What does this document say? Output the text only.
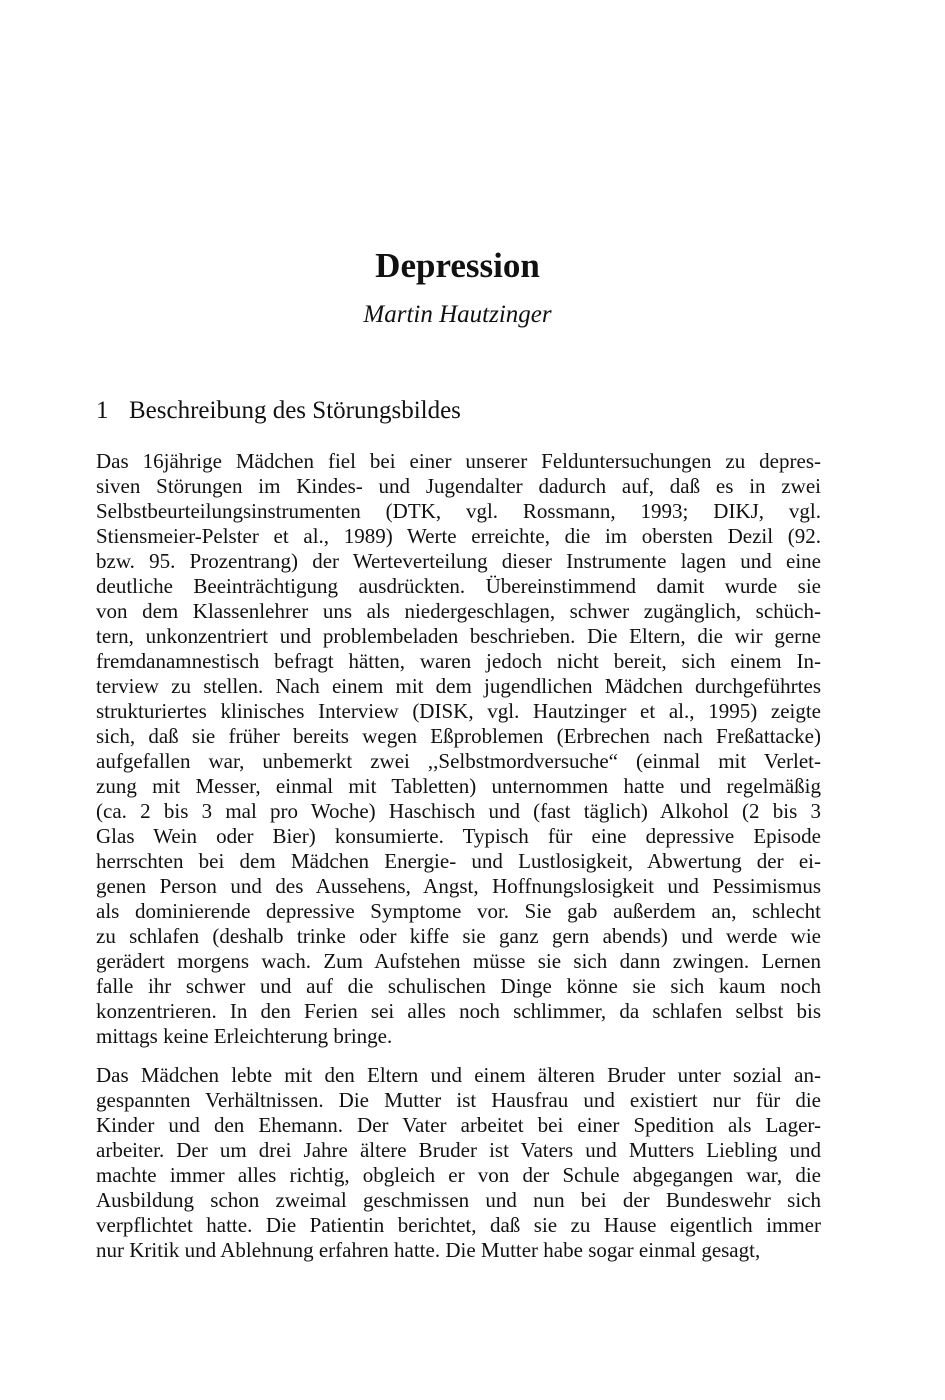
Depression
Martin Hautzinger
1 Beschreibung des Störungsbildes
Das 16jährige Mädchen fiel bei einer unserer Felduntersuchungen zu depres-
siven Störungen im Kindes- und Jugendalter dadurch auf, daß es in zwei
Selbstbeurteilungsinstrumenten (DTK, vgl. Rossmann, 1993; DIKJ, vgl.
Stiensmeier-Pelster et al., 1989) Werte erreichte, die im obersten Dezil (92.
bzw. 95. Prozentrang) der Werteverteilung dieser Instrumente lagen und eine
deutliche Beeinträchtigung ausdrückten. Übereinstimmend damit wurde sie
von dem Klassenlehrer uns als niedergeschlagen, schwer zugänglich, schüch-
tern, unkonzentriert und problembeladen beschrieben. Die Eltern, die wir gerne
fremdanamnestisch befragt hätten, waren jedoch nicht bereit, sich einem In-
terview zu stellen. Nach einem mit dem jugendlichen Mädchen durchgeführtes
strukturiertes klinisches Interview (DISK, vgl. Hautzinger et al., 1995) zeigte
sich, daß sie früher bereits wegen Eßproblemen (Erbrechen nach Freßattacke)
aufgefallen war, unbemerkt zwei ,,Selbstmordversuche“ (einmal mit Verlet-
zung mit Messer, einmal mit Tabletten) unternommen hatte und regelmäßig
(ca. 2 bis 3 mal pro Woche) Haschisch und (fast täglich) Alkohol (2 bis 3
Glas Wein oder Bier) konsumierte. Typisch für eine depressive Episode
herrschten bei dem Mädchen Energie- und Lustlosigkeit, Abwertung der ei-
genen Person und des Aussehens, Angst, Hoffnungslosigkeit und Pessimismus
als dominierende depressive Symptome vor. Sie gab außerdem an, schlecht
zu schlafen (deshalb trinke oder kiffe sie ganz gern abends) und werde wie
gerädert morgens wach. Zum Aufstehen müsse sie sich dann zwingen. Lernen
falle ihr schwer und auf die schulischen Dinge könne sie sich kaum noch
konzentrieren. In den Ferien sei alles noch schlimmer, da schlafen selbst bis
mittags keine Erleichterung bringe.
Das Mädchen lebte mit den Eltern und einem älteren Bruder unter sozial an-
gespannten Verhältnissen. Die Mutter ist Hausfrau und existiert nur für die
Kinder und den Ehemann. Der Vater arbeitet bei einer Spedition als Lager-
arbeiter. Der um drei Jahre ältere Bruder ist Vaters und Mutters Liebling und
machte immer alles richtig, obgleich er von der Schule abgegangen war, die
Ausbildung schon zweimal geschmissen und nun bei der Bundeswehr sich
verpflichtet hatte. Die Patientin berichtet, daß sie zu Hause eigentlich immer
nur Kritik und Ablehnung erfahren hatte. Die Mutter habe sogar einmal gesagt,
